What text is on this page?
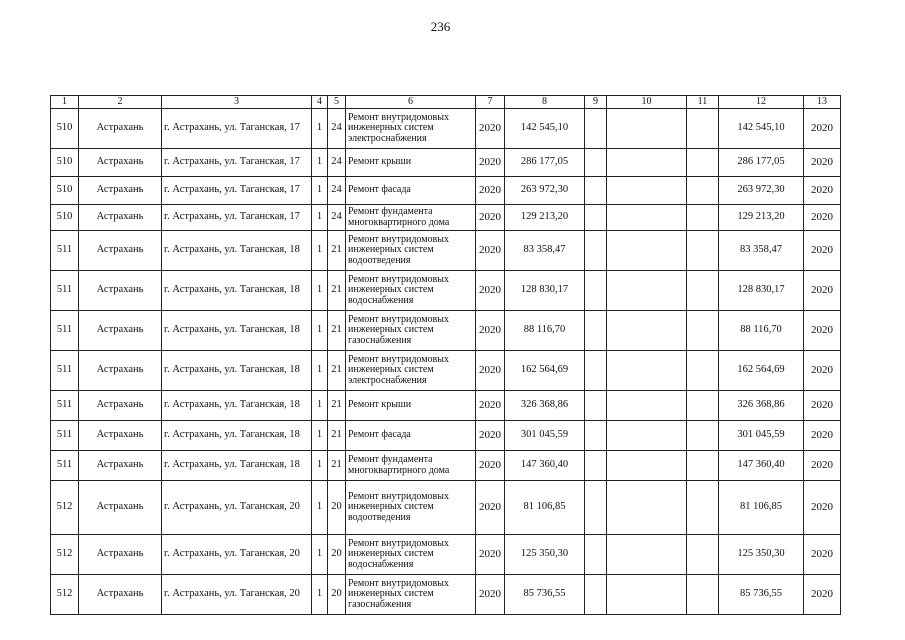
236
1	2	3	4	5	6	7	8	9	10	11	12	13
510	Астрахань	г. Астрахань, ул. Таганская, 17	1	24	Ремонт внутридомовых инженерных систем электроснабжения	2020	142 545,10				142 545,10	2020
510	Астрахань	г. Астрахань, ул. Таганская, 17	1	24	Ремонт крыши	2020	286 177,05				286 177,05	2020
510	Астрахань	г. Астрахань, ул. Таганская, 17	1	24	Ремонт фасада	2020	263 972,30				263 972,30	2020
510	Астрахань	г. Астрахань, ул. Таганская, 17	1	24	Ремонт фундамента многоквартирного дома	2020	129 213,20				129 213,20	2020
511	Астрахань	г. Астрахань, ул. Таганская, 18	1	21	Ремонт внутридомовых инженерных систем водоотведения	2020	83 358,47				83 358,47	2020
511	Астрахань	г. Астрахань, ул. Таганская, 18	1	21	Ремонт внутридомовых инженерных систем водоснабжения	2020	128 830,17				128 830,17	2020
511	Астрахань	г. Астрахань, ул. Таганская, 18	1	21	Ремонт внутридомовых инженерных систем газоснабжения	2020	88 116,70				88 116,70	2020
511	Астрахань	г. Астрахань, ул. Таганская, 18	1	21	Ремонт внутридомовых инженерных систем электроснабжения	2020	162 564,69				162 564,69	2020
511	Астрахань	г. Астрахань, ул. Таганская, 18	1	21	Ремонт крыши	2020	326 368,86				326 368,86	2020
511	Астрахань	г. Астрахань, ул. Таганская, 18	1	21	Ремонт фасада	2020	301 045,59				301 045,59	2020
511	Астрахань	г. Астрахань, ул. Таганская, 18	1	21	Ремонт фундамента многоквартирного дома	2020	147 360,40				147 360,40	2020
512	Астрахань	г. Астрахань, ул. Таганская, 20	1	20	Ремонт внутридомовых инженерных систем водоотведения	2020	81 106,85				81 106,85	2020
512	Астрахань	г. Астрахань, ул. Таганская, 20	1	20	Ремонт внутридомовых инженерных систем водоснабжения	2020	125 350,30				125 350,30	2020
512	Астрахань	г. Астрахань, ул. Таганская, 20	1	20	Ремонт внутридомовых инженерных систем газоснабжения	2020	85 736,55				85 736,55	2020
